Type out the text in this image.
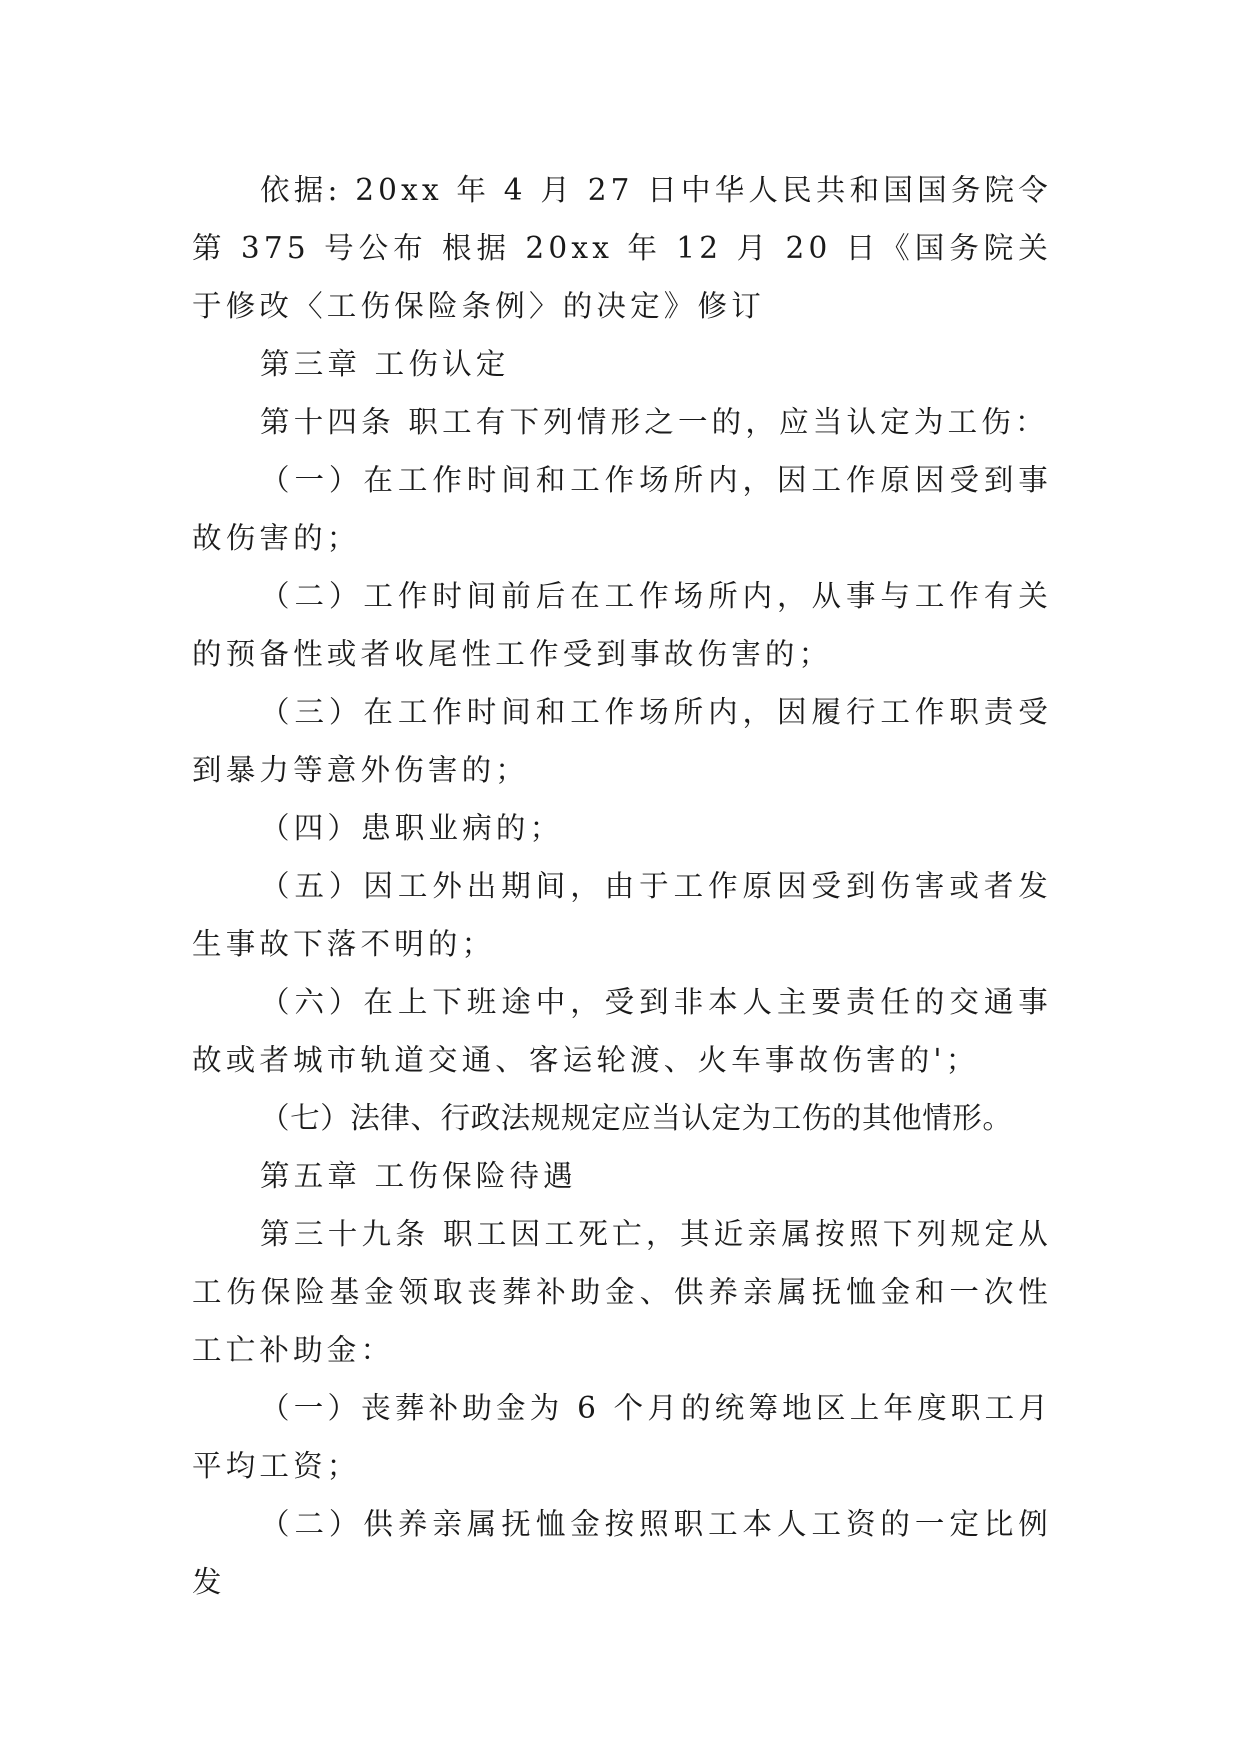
依据: 20xx 年 4 月 27 日中华人民共和国国务院令第 375 号公布 根据 20xx 年 12 月 20 日《国务院关于修改〈工伤保险条例〉的决定》修订

第三章 工伤认定

第十四条 职工有下列情形之一的，应当认定为工伤：

（一）在工作时间和工作场所内，因工作原因受到事故伤害的；

（二）工作时间前后在工作场所内，从事与工作有关的预备性或者收尾性工作受到事故伤害的；

（三）在工作时间和工作场所内，因履行工作职责受到暴力等意外伤害的；

（四）患职业病的；

（五）因工外出期间，由于工作原因受到伤害或者发生事故下落不明的；

（六）在上下班途中，受到非本人主要责任的交通事故或者城市轨道交通、客运轮渡、火车事故伤害的'；

（七）法律、行政法规规定应当认定为工伤的其他情形。

第五章 工伤保险待遇

第三十九条 职工因工死亡，其近亲属按照下列规定从工伤保险基金领取丧葬补助金、供养亲属抚恤金和一次性工亡补助金：

（一）丧葬补助金为 6 个月的统筹地区上年度职工月平均工资；

（二）供养亲属抚恤金按照职工本人工资的一定比例发
